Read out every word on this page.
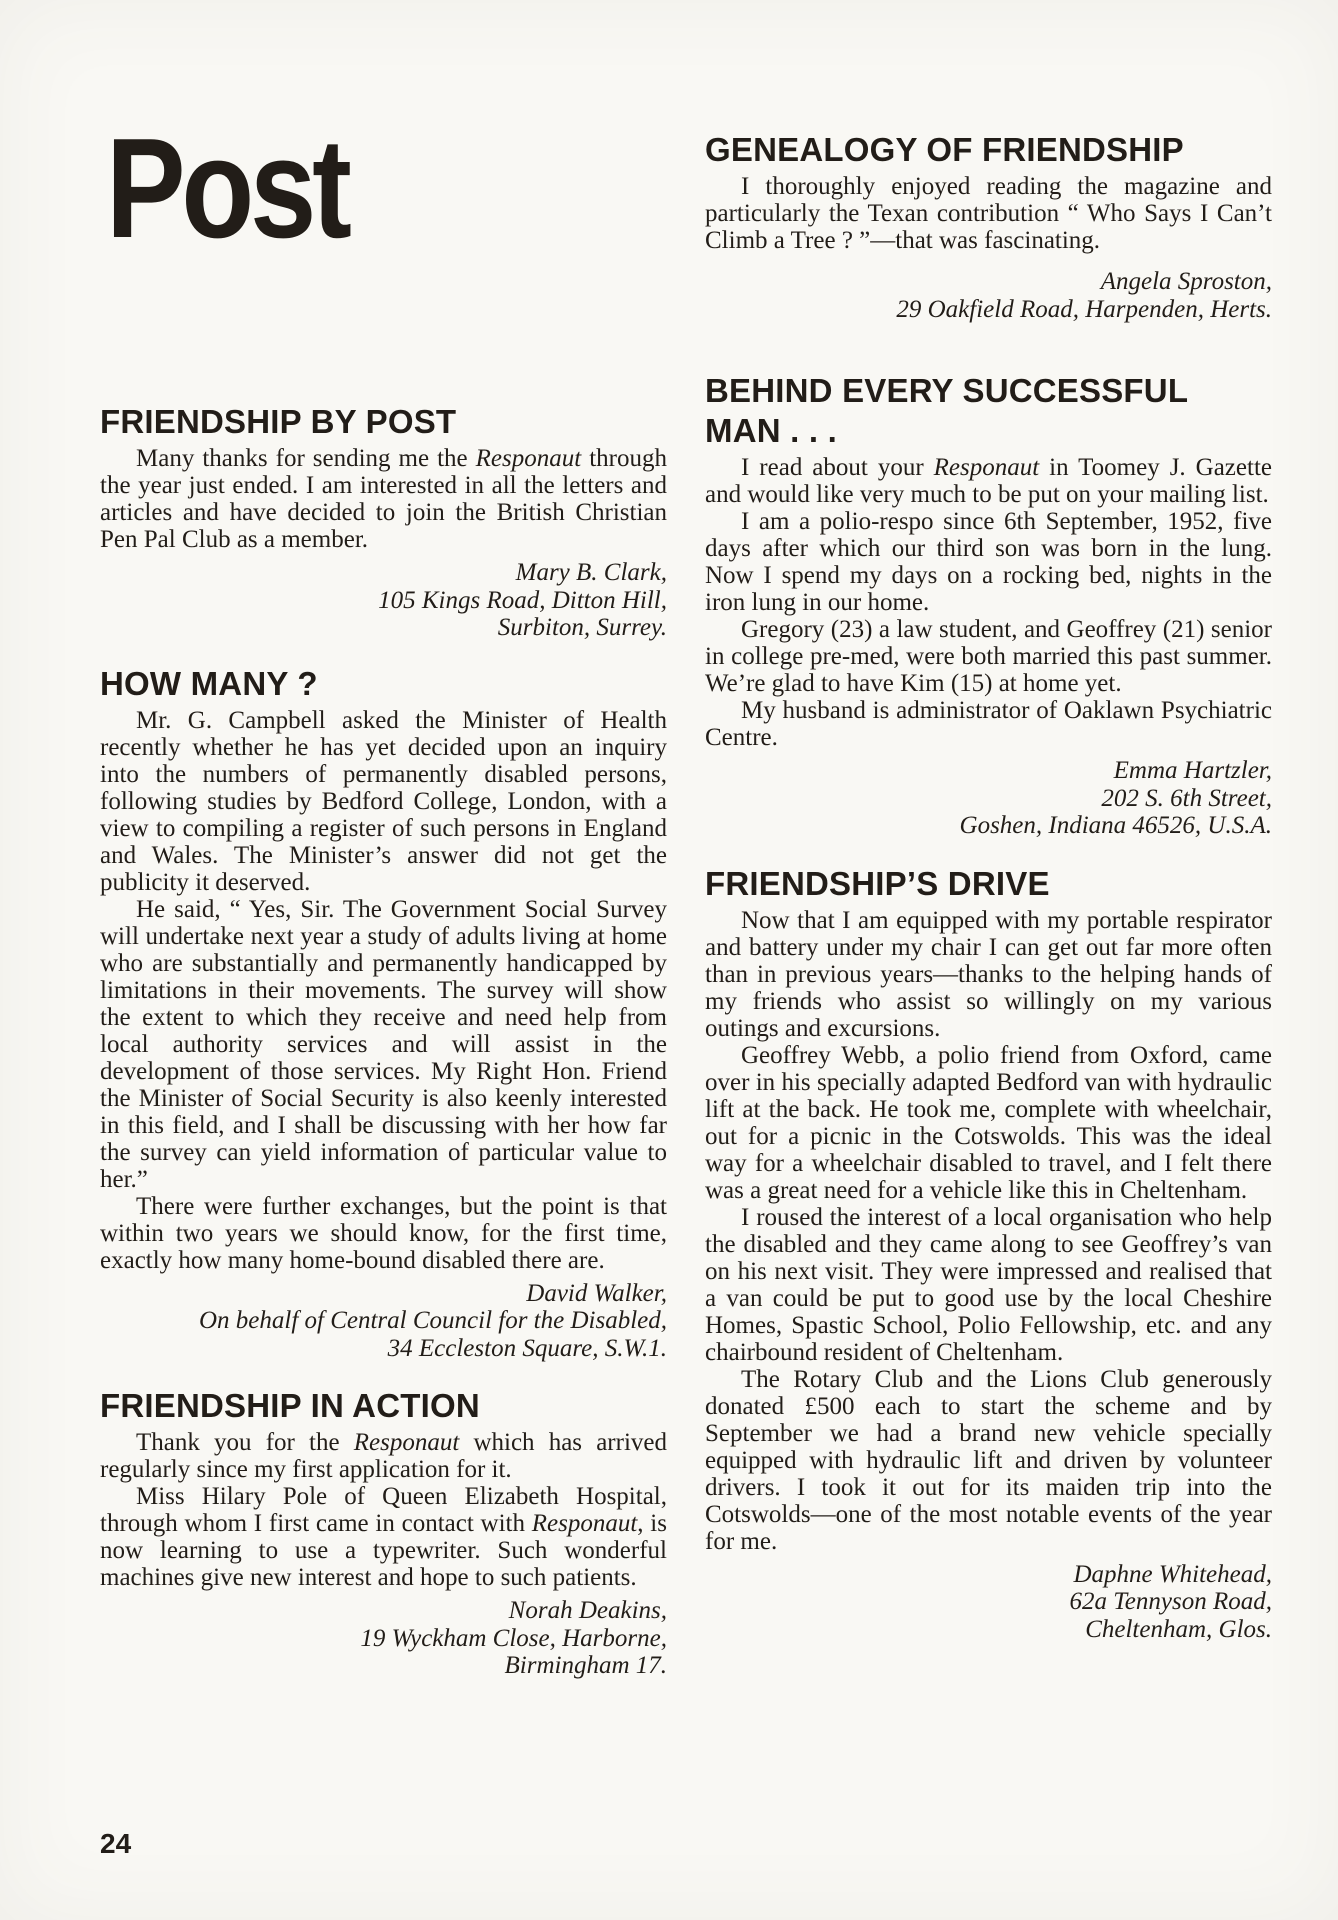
Post
FRIENDSHIP BY POST

Many thanks for sending me the Responaut through the year just ended. I am interested in all the letters and articles and have decided to join the British Christian Pen Pal Club as a member.

Mary B. Clark,
105 Kings Road, Ditton Hill,
Surbiton, Surrey.
HOW MANY ?

Mr. G. Campbell asked the Minister of Health recently whether he has yet decided upon an inquiry into the numbers of permanently disabled persons, following studies by Bedford College, London, with a view to compiling a register of such persons in England and Wales. The Minister’s answer did not get the publicity it deserved.

He said, “ Yes, Sir. The Government Social Survey will undertake next year a study of adults living at home who are substantially and permanently handicapped by limitations in their movements. The survey will show the extent to which they receive and need help from local authority services and will assist in the development of those services. My Right Hon. Friend the Minister of Social Security is also keenly interested in this field, and I shall be discussing with her how far the survey can yield information of particular value to her.”

There were further exchanges, but the point is that within two years we should know, for the first time, exactly how many home-bound disabled there are.

David Walker,
On behalf of Central Council for the Disabled,
34 Eccleston Square, S.W.1.
FRIENDSHIP IN ACTION

Thank you for the Responaut which has arrived regularly since my first application for it.

Miss Hilary Pole of Queen Elizabeth Hospital, through whom I first came in contact with Responaut, is now learning to use a typewriter. Such wonderful machines give new interest and hope to such patients.

Norah Deakins,
19 Wyckham Close, Harborne,
Birmingham 17.
GENEALOGY OF FRIENDSHIP

I thoroughly enjoyed reading the magazine and particularly the Texan contribution “ Who Says I Can’t Climb a Tree ? ”—that was fascinating.

Angela Sproston,
29 Oakfield Road, Harpenden, Herts.
BEHIND EVERY SUCCESSFUL MAN . . .

I read about your Responaut in Toomey J. Gazette and would like very much to be put on your mailing list.

I am a polio-respo since 6th September, 1952, five days after which our third son was born in the lung. Now I spend my days on a rocking bed, nights in the iron lung in our home.

Gregory (23) a law student, and Geoffrey (21) senior in college pre-med, were both married this past summer. We’re glad to have Kim (15) at home yet.

My husband is administrator of Oaklawn Psychiatric Centre.

Emma Hartzler,
202 S. 6th Street,
Goshen, Indiana 46526, U.S.A.
FRIENDSHIP’S DRIVE

Now that I am equipped with my portable respirator and battery under my chair I can get out far more often than in previous years—thanks to the helping hands of my friends who assist so willingly on my various outings and excursions.

Geoffrey Webb, a polio friend from Oxford, came over in his specially adapted Bedford van with hydraulic lift at the back. He took me, complete with wheelchair, out for a picnic in the Cotswolds. This was the ideal way for a wheelchair disabled to travel, and I felt there was a great need for a vehicle like this in Cheltenham.

I roused the interest of a local organisation who help the disabled and they came along to see Geoffrey’s van on his next visit. They were impressed and realised that a van could be put to good use by the local Cheshire Homes, Spastic School, Polio Fellowship, etc. and any chairbound resident of Cheltenham.

The Rotary Club and the Lions Club generously donated £500 each to start the scheme and by September we had a brand new vehicle specially equipped with hydraulic lift and driven by volunteer drivers. I took it out for its maiden trip into the Cotswolds—one of the most notable events of the year for me.

Daphne Whitehead,
62a Tennyson Road,
Cheltenham, Glos.
24
